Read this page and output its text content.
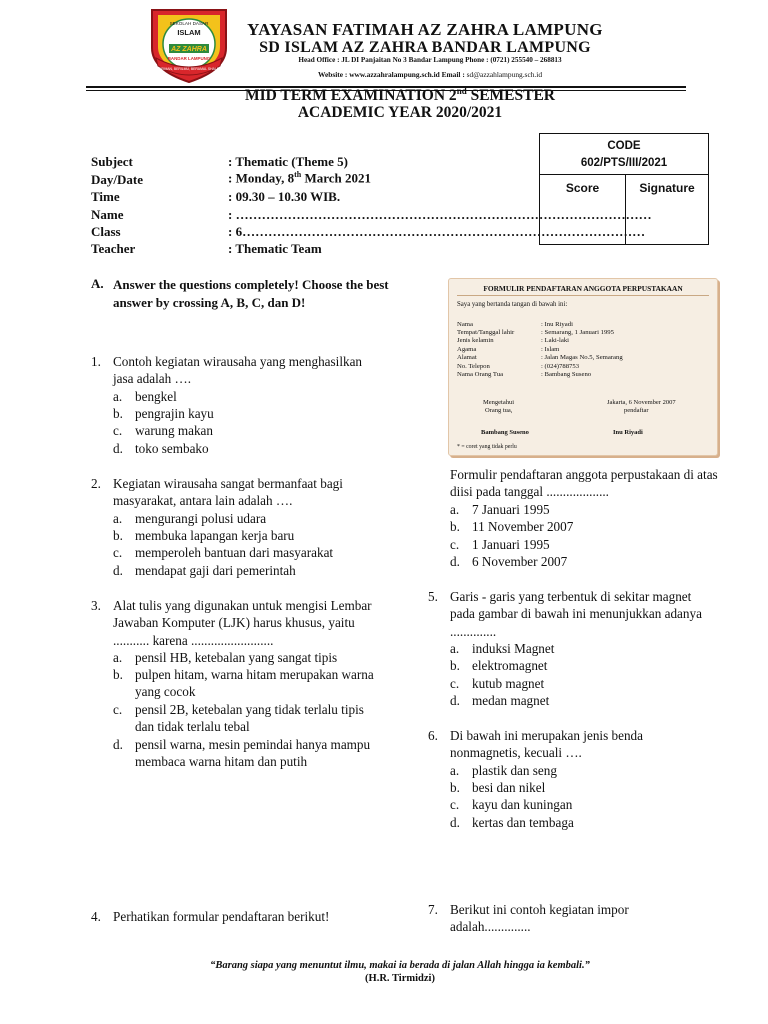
SEKOLAH DASAR
ISLAM
AZ ZAHRA
BANDAR LAMPUNG
BERIMAN, BERILMU, BERAMAL SHALEH
YAYASAN FATIMAH AZ ZAHRA LAMPUNG
SD ISLAM AZ ZAHRA BANDAR LAMPUNG
Head Office : JL DI Panjaitan No 3 Bandar Lampung Phone : (0721) 255540 – 268813
Website : www.azzahralampung.sch.id Email : sd@azzahlampung.sch.id
MID TERM EXAMINATION 2nd SEMESTER
ACADEMIC YEAR 2020/2021
Subject	: Thematic (Theme 5)
Day/Date	: Monday, 8th March 2021
Time	: 09.30 – 10.30 WIB.
Name	: ……………………………………………………………………………………
Class	: 6…………………………………………………………………………………
Teacher	: Thematic Team
CODE
602/PTS/III/2021
Score	Signature
A. Answer the questions completely! Choose the best answer by crossing A, B, C, dan D!
1. Contoh kegiatan wirausaha yang menghasilkan jasa adalah ….
a. bengkel
b. pengrajin kayu
c. warung makan
d. toko sembako
2. Kegiatan wirausaha sangat bermanfaat bagi masyarakat, antara lain adalah ….
a. mengurangi polusi udara
b. membuka lapangan kerja baru
c. memperoleh bantuan dari masyarakat
d. mendapat gaji dari pemerintah
3. Alat tulis yang digunakan untuk mengisi Lembar Jawaban Komputer (LJK) harus khusus, yaitu ........... karena .........................
a. pensil HB, ketebalan yang sangat tipis
b. pulpen hitam, warna hitam merupakan warna yang cocok
c. pensil 2B, ketebalan yang tidak terlalu tipis dan tidak terlalu tebal
d. pensil warna, mesin pemindai hanya mampu membaca warna hitam dan putih
4. Perhatikan formular pendaftaran berikut!
FORMULIR PENDAFTARAN ANGGOTA PERPUSTAKAAN
Saya yang bertanda tangan di bawah ini:
Nama	: Inu Riyadi
Tempat/Tanggal lahir	: Semarang, 1 Januari 1995
Jenis kelamin	: Laki-laki
Agama	: Islam
Alamat	: Jalan Magas No.5, Semarang
No. Telepon	: (024)788753
Nama Orang Tua	: Bambang Suseno
Mengetahui
Orang tua,
Jakarta, 6 November 2007
pendaftar
Bambang Suseno	Inu Riyadi
* = coret yang tidak perlu
Formulir pendaftaran anggota perpustakaan di atas diisi pada tanggal ...................
a. 7 Januari 1995
b. 11 November 2007
c. 1 Januari 1995
d. 6 November 2007
5. Garis - garis yang terbentuk di sekitar magnet pada gambar di bawah ini menunjukkan adanya ..............
a. induksi Magnet
b. elektromagnet
c. kutub magnet
d. medan magnet
6. Di bawah ini merupakan jenis benda nonmagnetis, kecuali ….
a. plastik dan seng
b. besi dan nikel
c. kayu dan kuningan
d. kertas dan tembaga
7. Berikut ini contoh kegiatan impor adalah..............
“Barang siapa yang menuntut ilmu, makai ia berada di jalan Allah hingga ia kembali.”
(H.R. Tirmidzi)
